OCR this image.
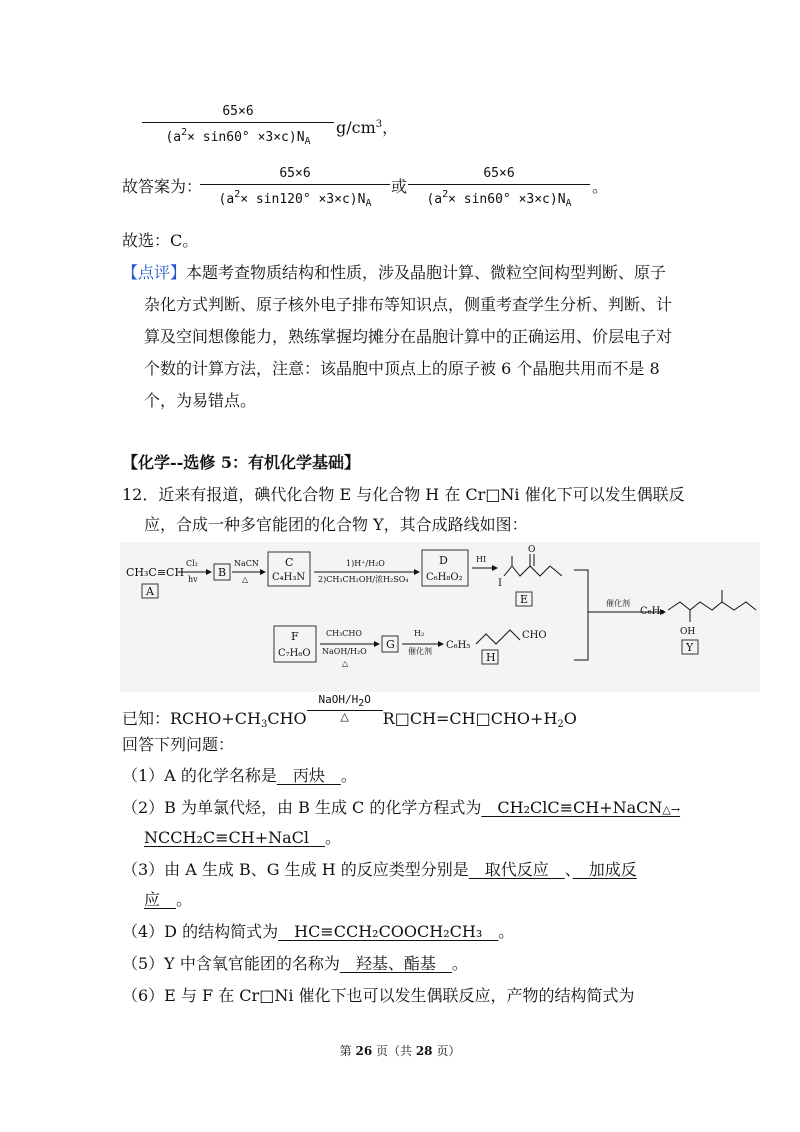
65×6
$(a^2\times \sin 60^\circ \times 3\times c)N_A$
$g/cm^3$，
故答案为：
65×6
$(a^2\times \sin 120^\circ \times 3\times c)N_A$
或
65×6
$(a^2\times \sin 60^\circ \times 3\times c)N_A$
。
故选：C。
【点评】本题考查物质结构和性质，涉及晶胞计算、微粒空间构型判断、原子
杂化方式判断、原子核外电子排布等知识点，侧重考查学生分析、判断、计
算及空间想像能力，熟练掌握均摊分在晶胞计算中的正确运用、价层电子对
个数的计算方法，注意：该晶胞中顶点上的原子被 6 个晶胞共用而不是 8
个，为易错点。
【化学--选修 5：有机化学基础】
12．近来有报道，碘代化合物 E 与化合物 H 在 Cr□Ni 催化下可以发生偶联反
应，合成一种多官能团的化合物 Y，其合成路线如图：
CH₃C≡CH
A
Cl₂
hv
B
NaCN
△
C
C₄H₃N
1)H⁺/H₂O
2)CH₃CH₂OH/浓H₂SO₄
D
C₆H₈O₂
HI
I
O
E	催化剂
F
C₇H₆O
CH₃CHO
NaOH/H₂O
△
G
H₂
催化剂
C₆H₅
CHO
H
C₆H₅
OH
Y
已知：$RCHO+CH_3CHO$
NaOH/H2O
△	$R□CH=CH□CHO+H_2O$
回答下列问题：
（1）A 的化学名称是　丙炔　。
（2）B 为单氯代烃，由 B 生成 C 的化学方程式为　CH₂ClC≡CH+NaCN△→
NCCH₂C≡CH+NaCl　。
（3）由 A 生成 B、G 生成 H 的反应类型分别是　取代反应　、　加成反
应　。
（4）D 的结构简式为　HC≡CCH₂COOCH₂CH₃　。
（5）Y 中含氧官能团的名称为　羟基、酯基　。
（6）E 与 F 在 Cr□Ni 催化下也可以发生偶联反应，产物的结构简式为
第 26 页（共 28 页）
